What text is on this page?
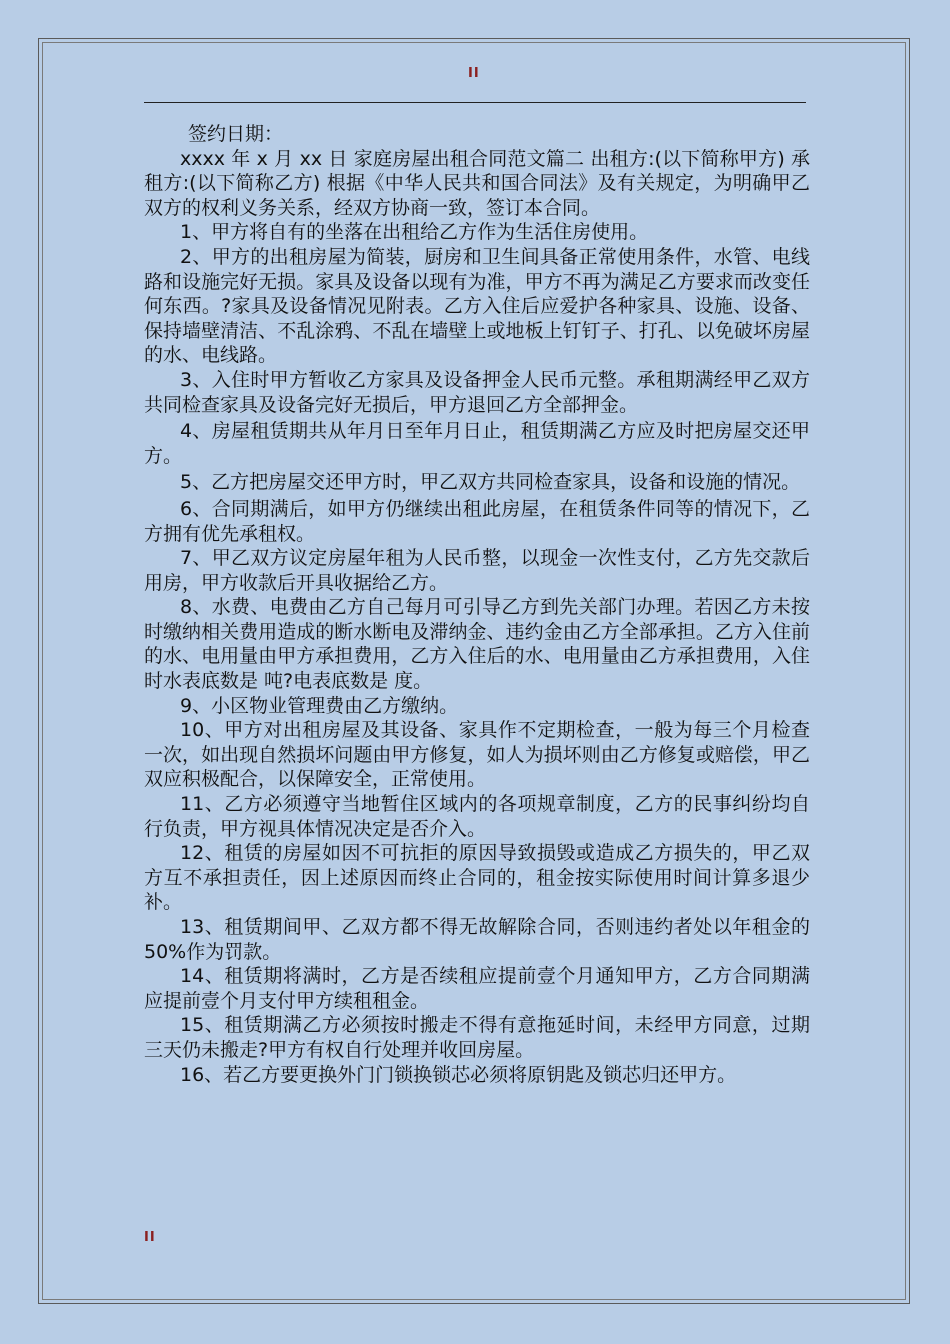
II

签约日期：

xxxx 年 x 月 xx 日 家庭房屋出租合同范文篇二 出租方:(以下简称甲方) 承租方:(以下简称乙方) 根据《中华人民共和国合同法》及有关规定，为明确甲乙双方的权利义务关系，经双方协商一致，签订本合同。

1、甲方将自有的坐落在出租给乙方作为生活住房使用。

2、甲方的出租房屋为简装，厨房和卫生间具备正常使用条件，水管、电线路和设施完好无损。家具及设备以现有为准，甲方不再为满足乙方要求而改变任何东西。?家具及设备情况见附表。乙方入住后应爱护各种家具、设施、设备、保持墙壁清洁、不乱涂鸦、不乱在墙壁上或地板上钉钉子、打孔、以免破坏房屋的水、电线路。

3、入住时甲方暂收乙方家具及设备押金人民币元整。承租期满经甲乙双方共同检查家具及设备完好无损后，甲方退回乙方全部押金。

4、房屋租赁期共从年月日至年月日止，租赁期满乙方应及时把房屋交还甲方。

5、乙方把房屋交还甲方时，甲乙双方共同检查家具，设备和设施的情况。

6、合同期满后，如甲方仍继续出租此房屋，在租赁条件同等的情况下，乙方拥有优先承租权。

7、甲乙双方议定房屋年租为人民币整，以现金一次性支付，乙方先交款后用房，甲方收款后开具收据给乙方。

8、水费、电费由乙方自己每月可引导乙方到先关部门办理。若因乙方未按时缴纳相关费用造成的断水断电及滞纳金、违约金由乙方全部承担。乙方入住前的水、电用量由甲方承担费用，乙方入住后的水、电用量由乙方承担费用，入住时水表底数是 吨?电表底数是 度。

9、小区物业管理费由乙方缴纳。

10、甲方对出租房屋及其设备、家具作不定期检查，一般为每三个月检查一次，如出现自然损坏问题由甲方修复，如人为损坏则由乙方修复或赔偿，甲乙双应积极配合，以保障安全，正常使用。

11、乙方必须遵守当地暂住区域内的各项规章制度，乙方的民事纠纷均自行负责，甲方视具体情况决定是否介入。

12、租赁的房屋如因不可抗拒的原因导致损毁或造成乙方损失的，甲乙双方互不承担责任，因上述原因而终止合同的，租金按实际使用时间计算多退少补。

13、租赁期间甲、乙双方都不得无故解除合同，否则违约者处以年租金的 50%作为罚款。

14、租赁期将满时，乙方是否续租应提前壹个月通知甲方，乙方合同期满应提前壹个月支付甲方续租租金。

15、租赁期满乙方必须按时搬走不得有意拖延时间，未经甲方同意，过期三天仍未搬走?甲方有权自行处理并收回房屋。

16、若乙方要更换外门门锁换锁芯必须将原钥匙及锁芯归还甲方。

II
